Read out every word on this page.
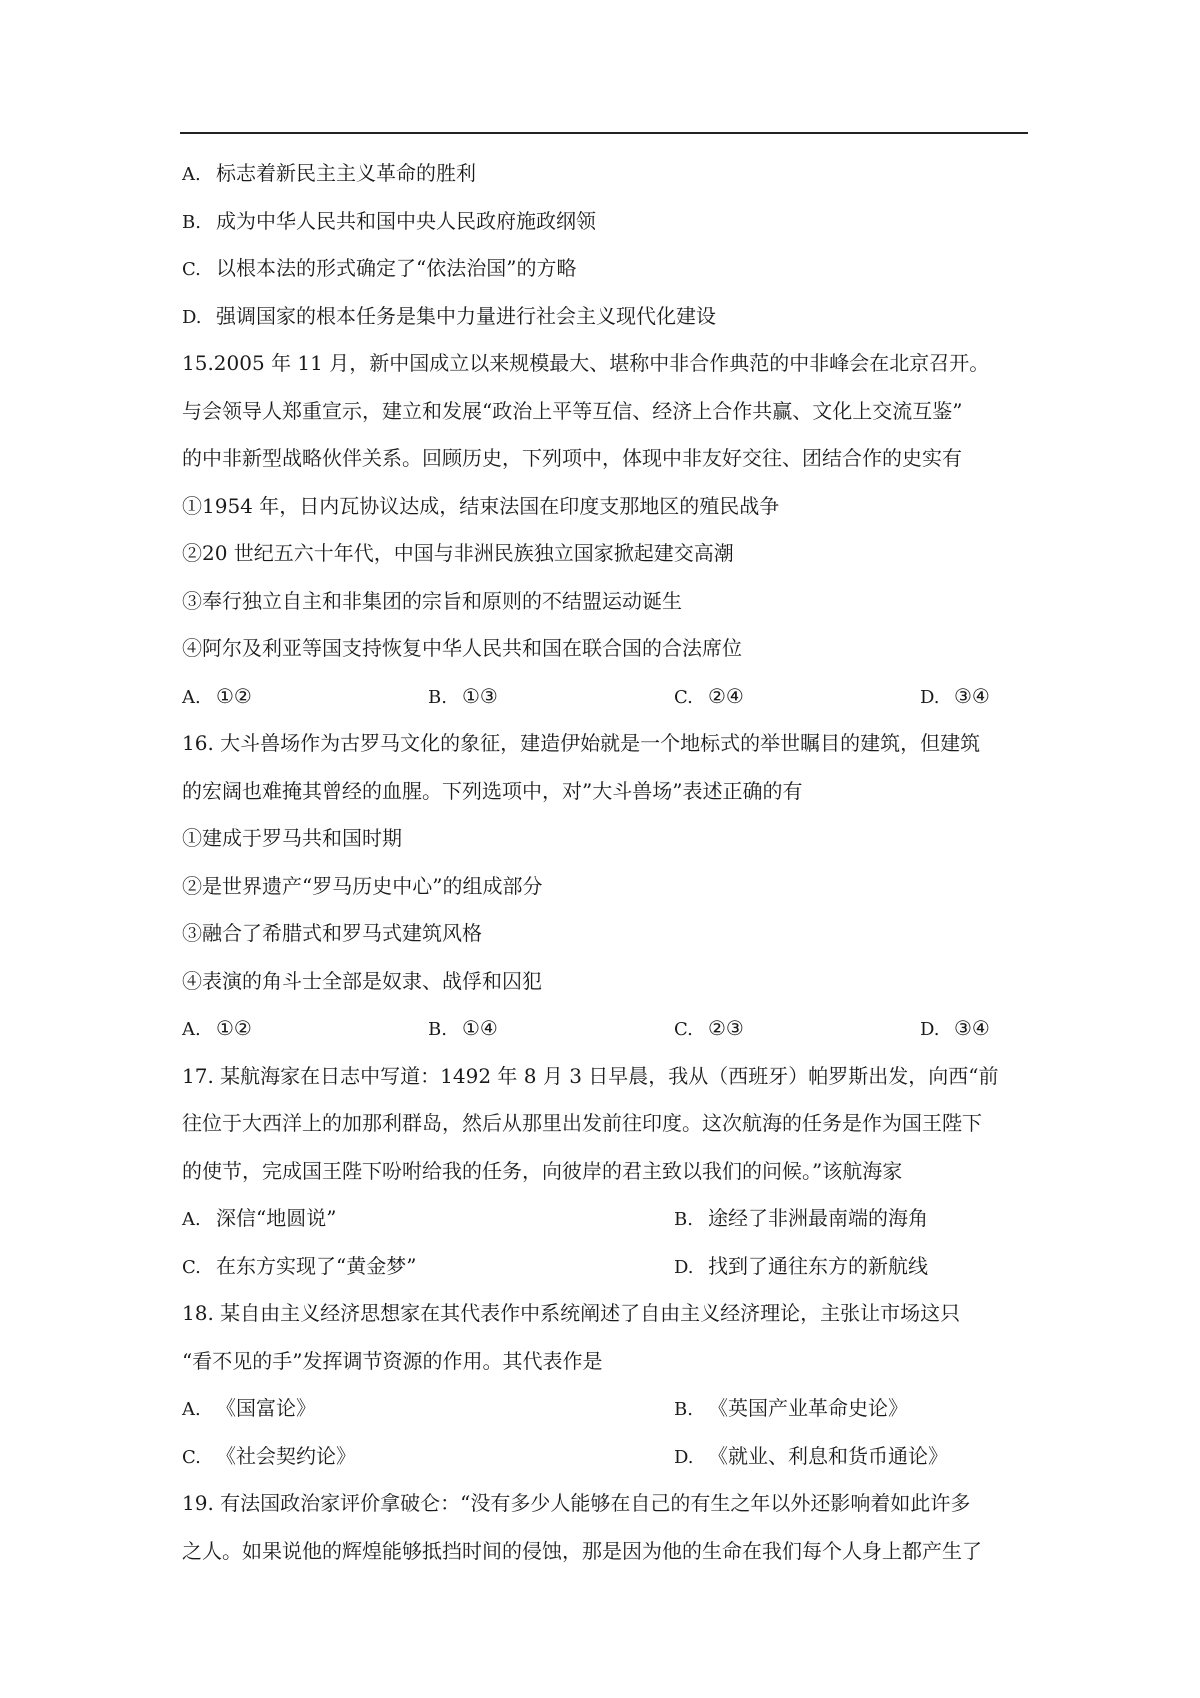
A. 标志着新民主主义革命的胜利
B. 成为中华人民共和国中央人民政府施政纲领
C. 以根本法的形式确定了“依法治国”的方略
D. 强调国家的根本任务是集中力量进行社会主义现代化建设
15.2005 年 11 月，新中国成立以来规模最大、堪称中非合作典范的中非峰会在北京召开。
与会领导人郑重宣示，建立和发展“政治上平等互信、经济上合作共赢、文化上交流互鉴”
的中非新型战略伙伴关系。回顾历史，下列项中，体现中非友好交往、团结合作的史实有
①1954 年，日内瓦协议达成，结束法国在印度支那地区的殖民战争
②20 世纪五六十年代，中国与非洲民族独立国家掀起建交高潮
③奉行独立自主和非集团的宗旨和原则的不结盟运动诞生
④阿尔及利亚等国支持恢复中华人民共和国在联合国的合法席位
A. ①②	B. ①③	C. ②④	D. ③④
16. 大斗兽场作为古罗马文化的象征，建造伊始就是一个地标式的举世瞩目的建筑，但建筑
的宏阔也难掩其曾经的血腥。下列选项中，对”大斗兽场”表述正确的有
①建成于罗马共和国时期
②是世界遗产“罗马历史中心”的组成部分
③融合了希腊式和罗马式建筑风格
④表演的角斗士全部是奴隶、战俘和囚犯
A. ①②	B. ①④	C. ②③	D. ③④
17. 某航海家在日志中写道：1492 年 8 月 3 日早晨，我从（西班牙）帕罗斯出发，向西“前
往位于大西洋上的加那利群岛，然后从那里出发前往印度。这次航海的任务是作为国王陛下
的使节，完成国王陛下吩咐给我的任务，向彼岸的君主致以我们的问候。”该航海家
A. 深信“地圆说”	B. 途经了非洲最南端的海角
C. 在东方实现了“黄金梦”	D. 找到了通往东方的新航线
18. 某自由主义经济思想家在其代表作中系统阐述了自由主义经济理论，主张让市场这只
“看不见的手”发挥调节资源的作用。其代表作是
A. 《国富论》	B. 《英国产业革命史论》
C. 《社会契约论》	D. 《就业、利息和货币通论》
19. 有法国政治家评价拿破仑：“没有多少人能够在自己的有生之年以外还影响着如此许多
之人。如果说他的辉煌能够抵挡时间的侵蚀，那是因为他的生命在我们每个人身上都产生了
